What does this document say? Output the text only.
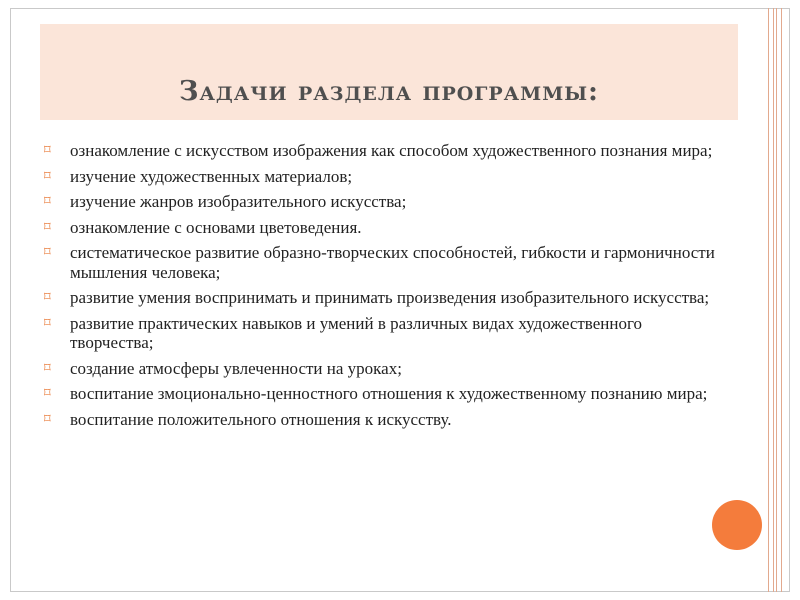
Задачи раздела программы:
⌑ ознакомление с искусством изображения как способом художественного познания мира;
⌑ изучение художественных материалов;
⌑ изучение жанров изобразительного искусства;
⌑ ознакомление с основами цветоведения.
⌑ систематическое развитие образно-творческих способностей, гибкости и гармоничности мышления человека;
⌑ развитие умения воспринимать и принимать произведения изобразительного искусства;
⌑ развитие практических навыков и умений в различных видах художественного творчества;
⌑ создание атмосферы увлеченности на уроках;
⌑ воспитание змоционально-ценностного отношения к художественному познанию мира;
⌑ воспитание положительного отношения к искусству.
